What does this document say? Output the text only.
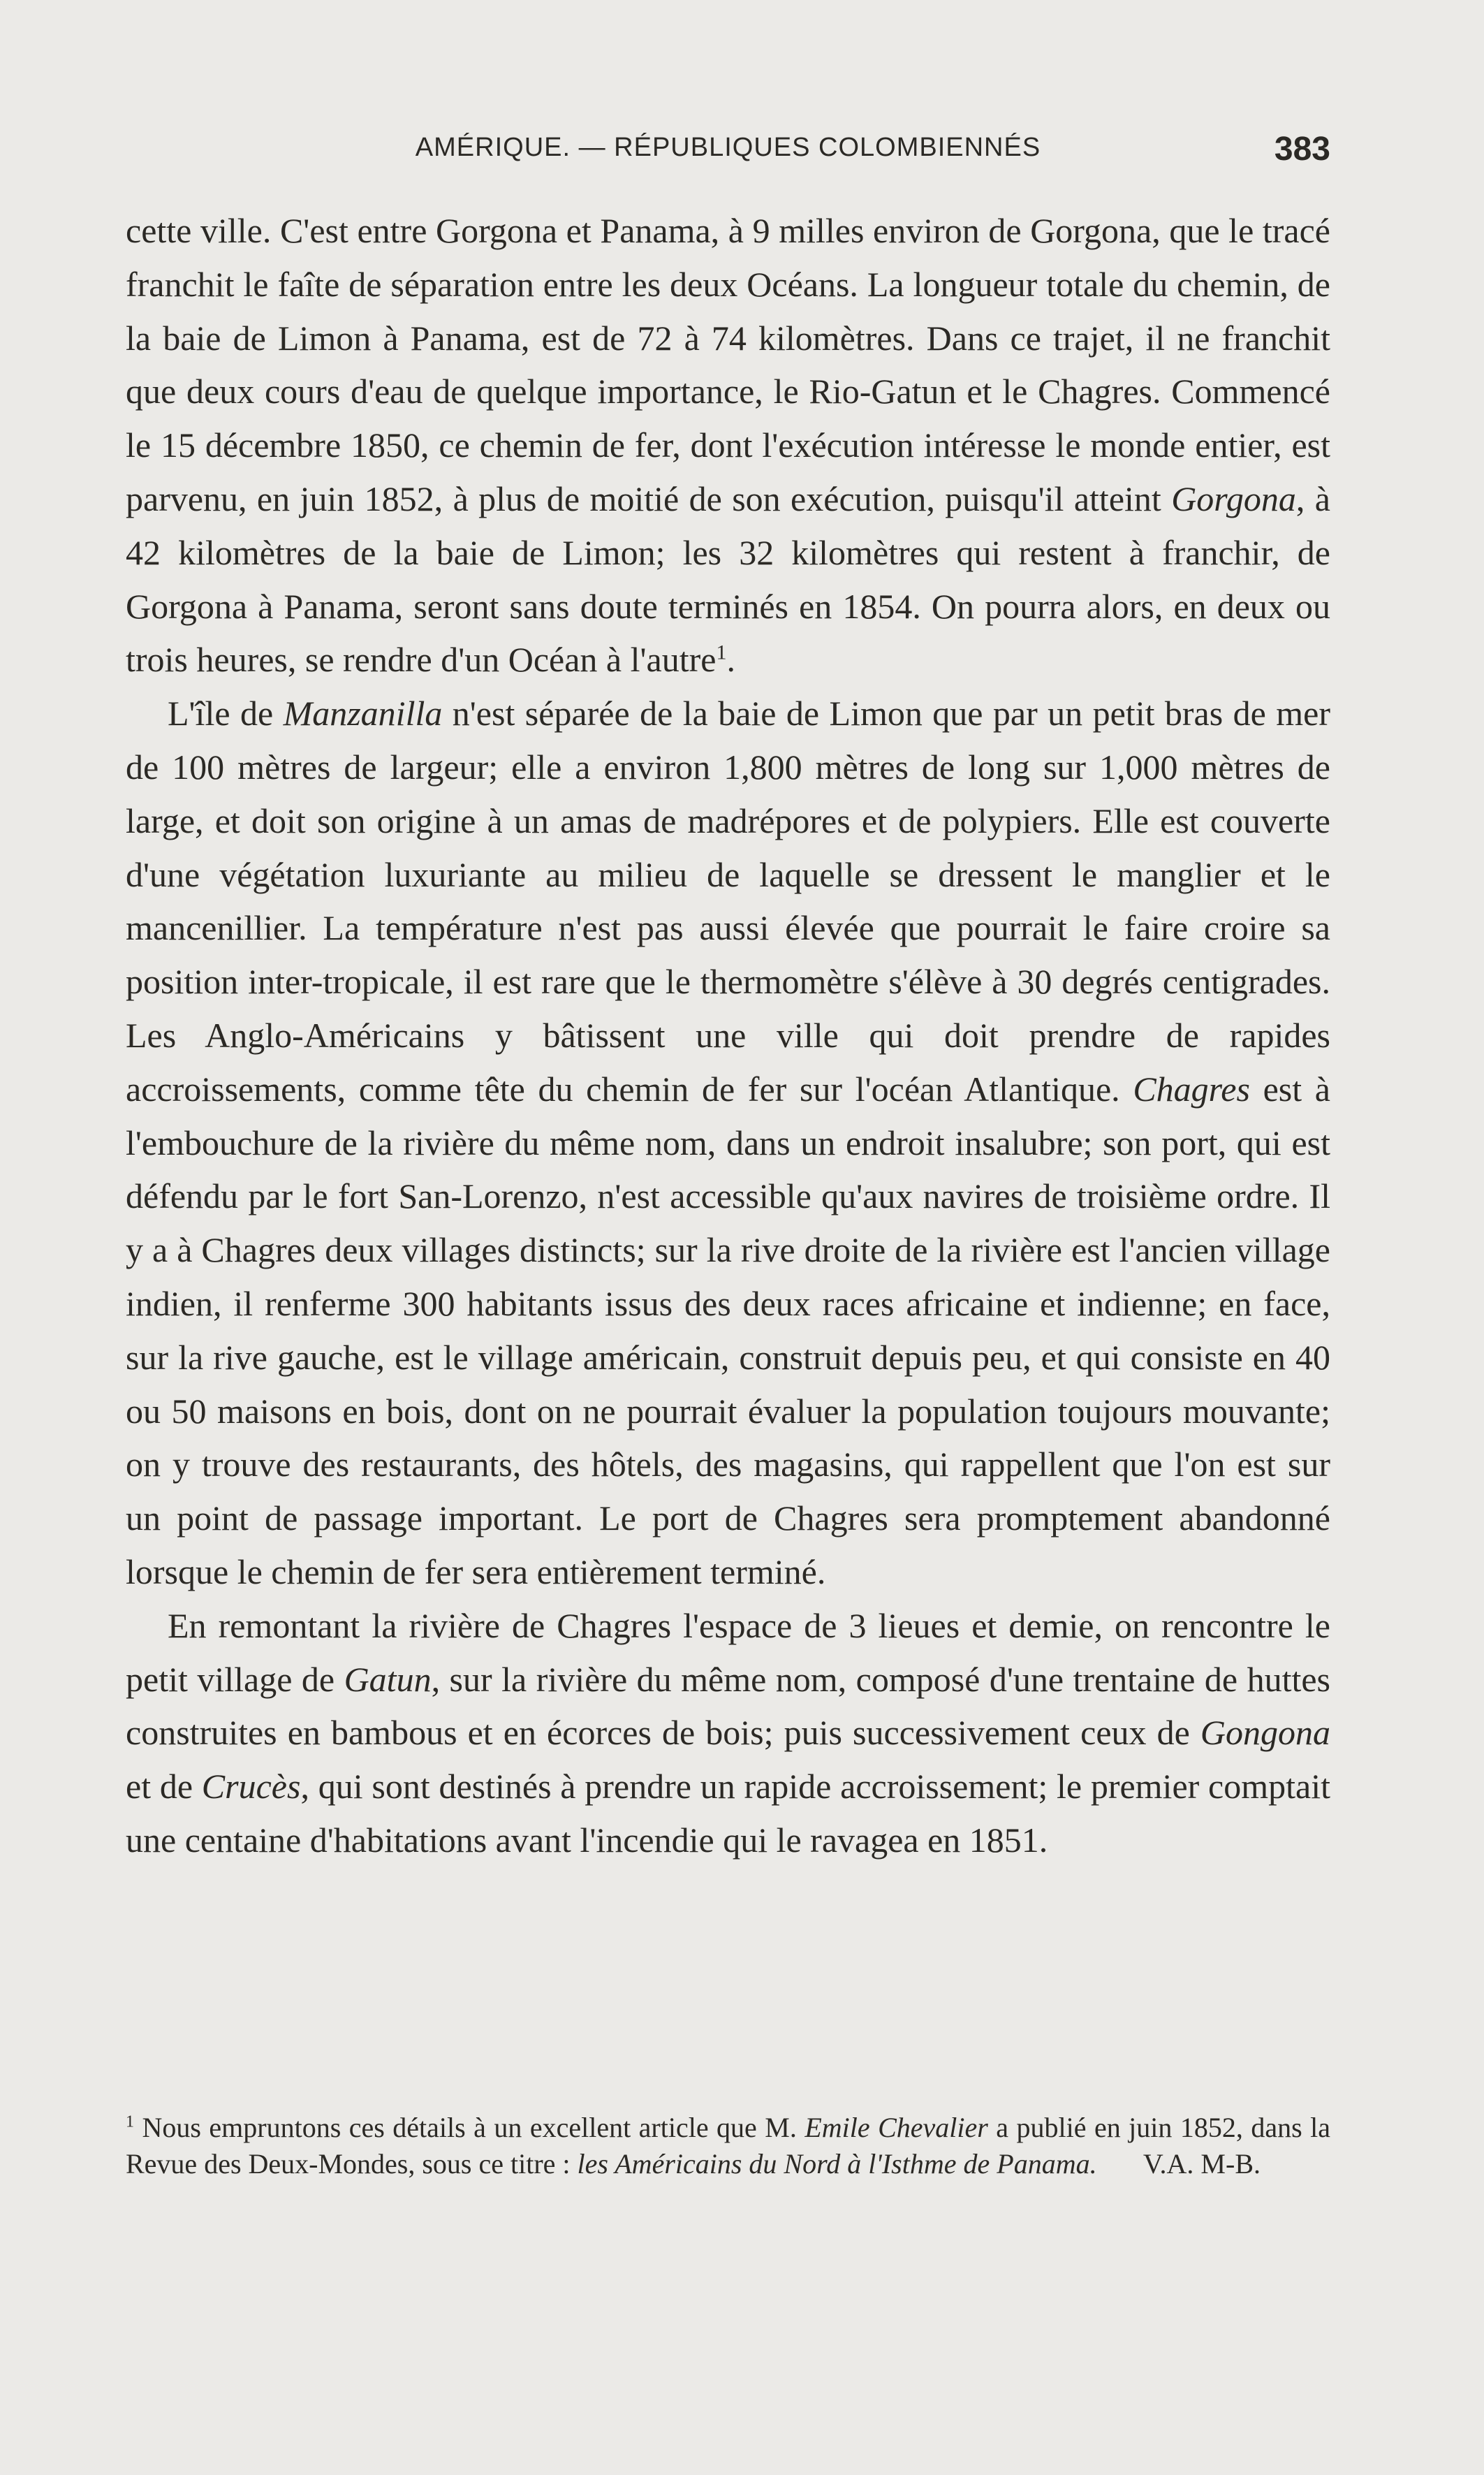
AMÉRIQUE. — RÉPUBLIQUES COLOMBIENNÉS	383

cette ville. C'est entre Gorgona et Panama, à 9 milles environ de Gorgona, que le tracé franchit le faîte de séparation entre les deux Océans. La longueur totale du chemin, de la baie de Limon à Panama, est de 72 à 74 kilomètres. Dans ce trajet, il ne franchit que deux cours d'eau de quelque importance, le Rio-Gatun et le Chagres. Commencé le 15 décembre 1850, ce chemin de fer, dont l'exécution intéresse le monde entier, est parvenu, en juin 1852, à plus de moitié de son exécution, puisqu'il atteint Gorgona, à 42 kilomètres de la baie de Limon; les 32 kilomètres qui restent à franchir, de Gorgona à Panama, seront sans doute terminés en 1854. On pourra alors, en deux ou trois heures, se rendre d'un Océan à l'autre$^1$.

L'île de Manzanilla n'est séparée de la baie de Limon que par un petit bras de mer de 100 mètres de largeur; elle a environ 1,800 mètres de long sur 1,000 mètres de large, et doit son origine à un amas de madrépores et de polypiers. Elle est couverte d'une végétation luxuriante au milieu de laquelle se dressent le manglier et le mancenillier. La température n'est pas aussi élevée que pourrait le faire croire sa position inter-tropicale, il est rare que le thermomètre s'élève à 30 degrés centigrades. Les Anglo-Américains y bâtissent une ville qui doit prendre de rapides accroissements, comme tête du chemin de fer sur l'océan Atlantique. Chagres est à l'embouchure de la rivière du même nom, dans un endroit insalubre; son port, qui est défendu par le fort San-Lorenzo, n'est accessible qu'aux navires de troisième ordre. Il y a à Chagres deux villages distincts; sur la rive droite de la rivière est l'ancien village indien, il renferme 300 habitants issus des deux races africaine et indienne; en face, sur la rive gauche, est le village américain, construit depuis peu, et qui consiste en 40 ou 50 maisons en bois, dont on ne pourrait évaluer la population toujours mouvante; on y trouve des restaurants, des hôtels, des magasins, qui rappellent que l'on est sur un point de passage important. Le port de Chagres sera promptement abandonné lorsque le chemin de fer sera entièrement terminé.

En remontant la rivière de Chagres l'espace de 3 lieues et demie, on rencontre le petit village de Gatun, sur la rivière du même nom, composé d'une trentaine de huttes construites en bambous et en écorces de bois; puis successivement ceux de Gongona et de Crucès, qui sont destinés à prendre un rapide accroissement; le premier comptait une centaine d'habitations avant l'incendie qui le ravagea en 1851.

$^1$ Nous empruntons ces détails à un excellent article que M. Emile Chevalier a publié en juin 1852, dans la Revue des Deux-Mondes, sous ce titre : les Américains du Nord à l'Isthme de Panama. V.A. M-B.
